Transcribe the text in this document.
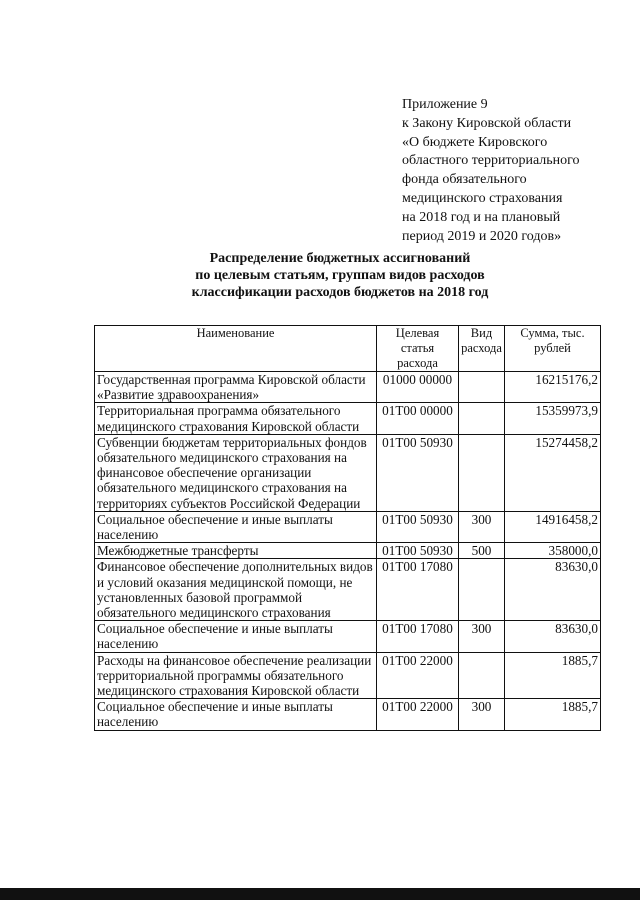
Приложение 9
к Закону Кировской области
«О бюджете Кировского
областного территориального
фонда обязательного
медицинского страхования
на 2018 год и на плановый
период 2019 и 2020 годов»
Распределение бюджетных ассигнований
по целевым статьям, группам видов расходов
классификации расходов бюджетов на 2018 год
Наименование	Целевая статья расхода	Вид расхода	Сумма, тыс. рублей
Государственная программа Кировской области «Развитие здравоохранения»	01000 00000		16215176,2
Территориальная программа обязательного медицинского страхования Кировской области	01Т00 00000		15359973,9
Субвенции бюджетам территориальных фондов обязательного медицинского страхования на финансовое обеспечение организации обязательного медицинского страхования на территориях субъектов Российской Федерации	01Т00 50930		15274458,2
Социальное обеспечение и иные выплаты населению	01Т00 50930	300	14916458,2
Межбюджетные трансферты	01Т00 50930	500	358000,0
Финансовое обеспечение дополнительных видов и условий оказания медицинской помощи, не установленных базовой программой обязательного медицинского страхования	01Т00 17080		83630,0
Социальное обеспечение и иные выплаты населению	01Т00 17080	300	83630,0
Расходы на финансовое обеспечение реализации территориальной программы обязательного медицинского страхования Кировской области	01Т00 22000		1885,7
Социальное обеспечение и иные выплаты населению	01Т00 22000	300	1885,7
